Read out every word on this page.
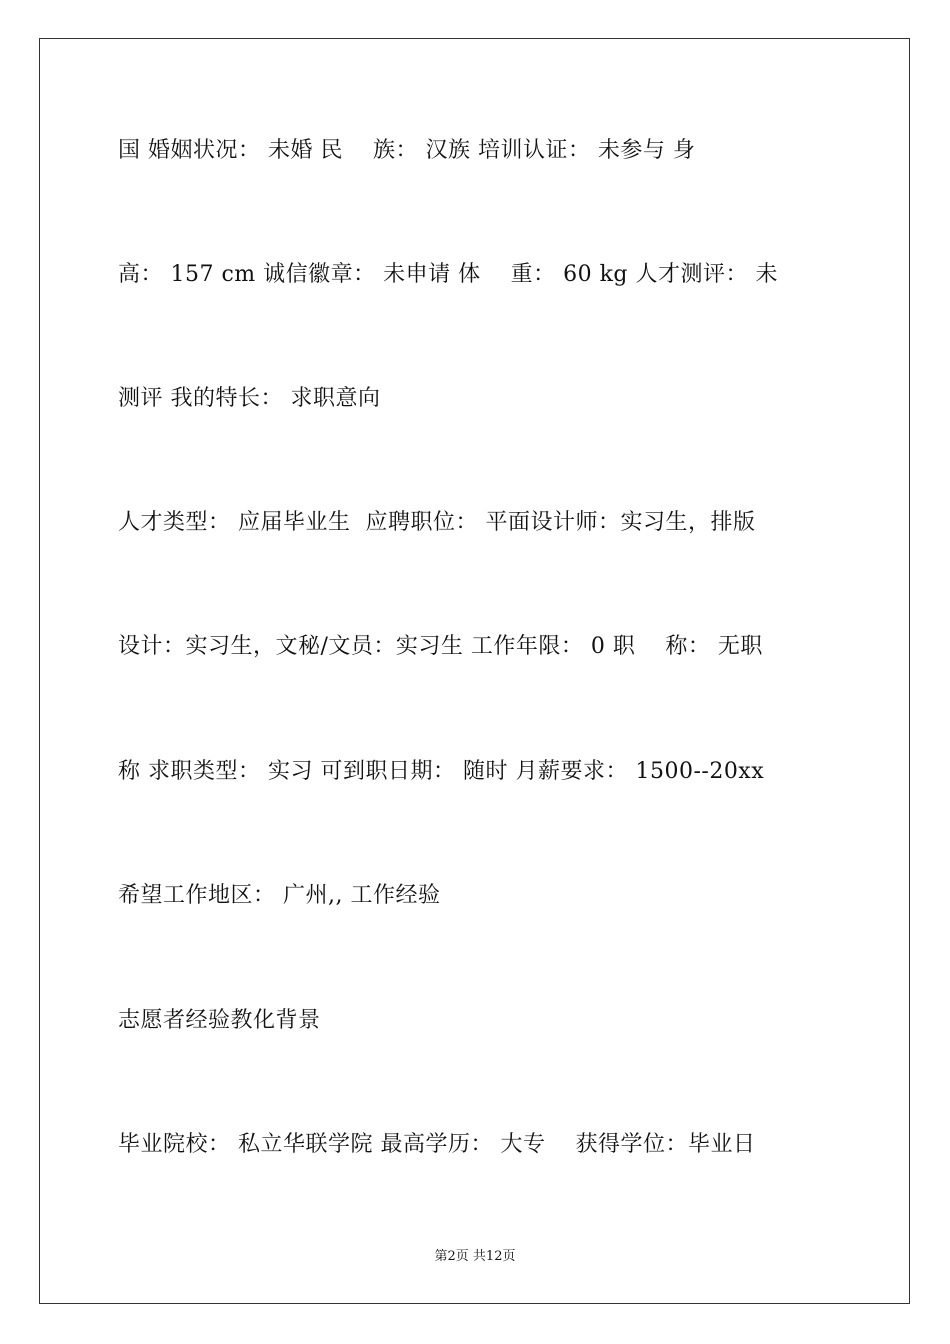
国 婚姻状况： 未婚 民    族： 汉族 培训认证： 未参与 身

高： 157 cm 诚信徽章： 未申请 体    重： 60 kg 人才测评： 未

测评 我的特长： 求职意向

人才类型： 应届毕业生  应聘职位： 平面设计师：实习生，排版

设计：实习生，文秘/文员：实习生 工作年限： 0 职    称： 无职

称 求职类型： 实习 可到职日期： 随时 月薪要求： 1500--20xx

希望工作地区： 广州,, 工作经验

志愿者经验教化背景

毕业院校： 私立华联学院 最高学历： 大专    获得学位：毕业日

第2页 共12页
